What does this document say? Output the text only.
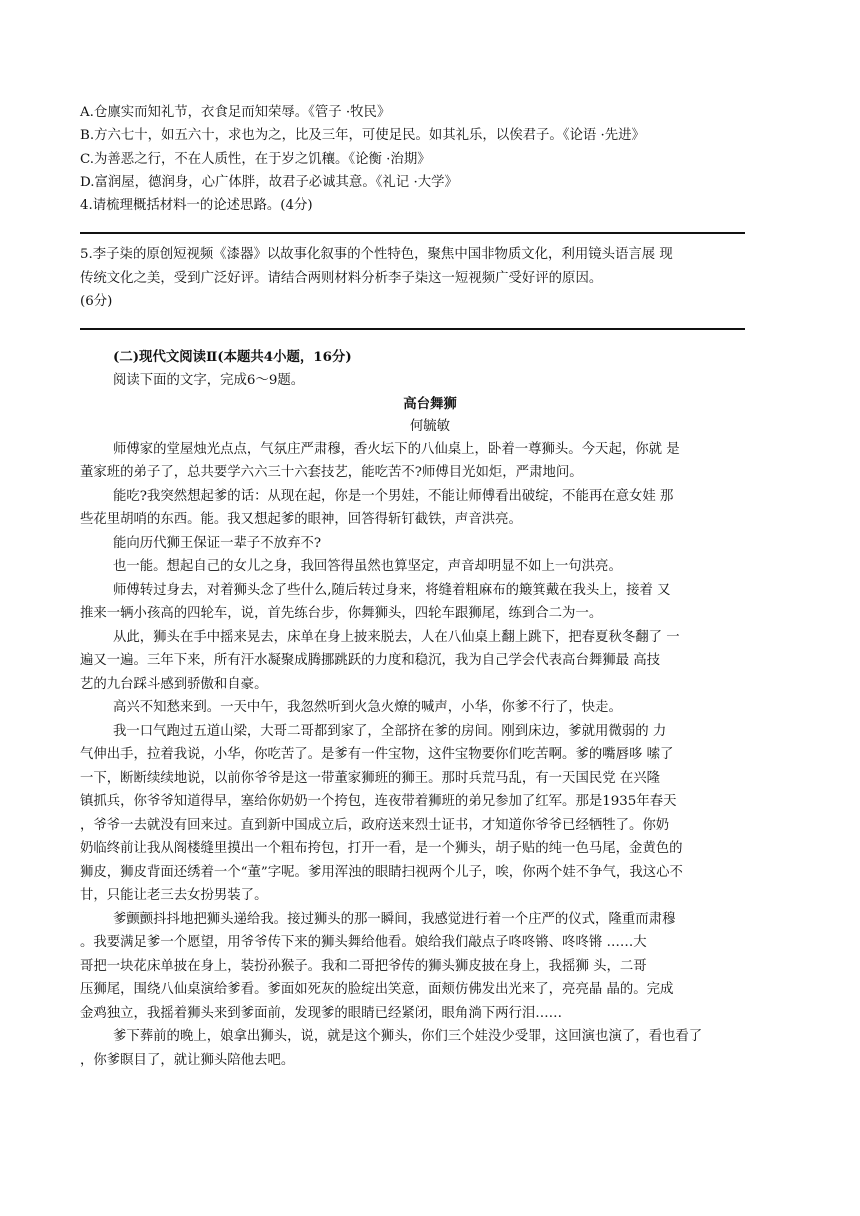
A.仓廪实而知礼节，衣食足而知荣辱。《管子 ·牧民》
B.方六七十，如五六十，求也为之，比及三年，可使足民。如其礼乐，以俟君子。《论语 ·先进》
C.为善恶之行，不在人质性，在于岁之饥穰。《论衡 ·治期》
D.富润屋，德润身，心广体胖，故君子必诚其意。《礼记 ·大学》
4.请梳理概括材料一的论述思路。(4分)
5.李子柒的原创短视频《漆器》以故事化叙事的个性特色，聚焦中国非物质文化，利用镜头语言展 现
传统文化之美，受到广泛好评。请结合两则材料分析李子柒这一短视频广受好评的原因。
(6分)
(二)现代文阅读Ⅱ(本题共4小题，16分)
阅读下面的文字，完成6～9题。
高台舞狮
何毓敏
师傅家的堂屋烛光点点，气氛庄严肃穆，香火坛下的八仙桌上，卧着一尊狮头。今天起，你就 是
董家班的弟子了，总共要学六六三十六套技艺，能吃苦不?师傅目光如炬，严肃地问。
能吃?我突然想起爹的话：从现在起，你是一个男娃，不能让师傅看出破绽，不能再在意女娃 那
些花里胡哨的东西。能。我又想起爹的眼神，回答得斩钉截铁，声音洪亮。
能向历代狮王保证一辈子不放弃不?
也一能。想起自己的女儿之身，我回答得虽然也算坚定，声音却明显不如上一句洪亮。
师傅转过身去，对着狮头念了些什么,随后转过身来，将缝着粗麻布的簸箕戴在我头上，接着 又
推来一辆小孩高的四轮车，说，首先练台步，你舞狮头，四轮车跟狮尾，练到合二为一。
从此，狮头在手中摇来晃去，床单在身上披来脱去，人在八仙桌上翻上跳下，把春夏秋冬翻了 一
遍又一遍。三年下来，所有汗水凝聚成腾挪跳跃的力度和稳沉，我为自己学会代表高台舞狮最 高技
艺的九台踩斗感到骄傲和自豪。
高兴不知愁来到。一天中午，我忽然听到火急火燎的喊声，小华，你爹不行了，快走。
我一口气跑过五道山梁，大哥二哥都到家了，全部挤在爹的房间。刚到床边，爹就用微弱的 力
气伸出手，拉着我说，小华，你吃苦了。是爹有一件宝物，这件宝物要你们吃苦啊。爹的嘴唇哆 嗦了
一下，断断续续地说，以前你爷爷是这一带董家狮班的狮王。那时兵荒马乱，有一天国民党 在兴隆
镇抓兵，你爷爷知道得早，塞给你奶奶一个挎包，连夜带着狮班的弟兄参加了红军。那是1935年春天
，爷爷一去就没有回来过。直到新中国成立后，政府送来烈士证书，才知道你爷爷已经牺牲了。你奶
奶临终前让我从阁楼缝里摸出一个粗布挎包，打开一看，是一个狮头，胡子贴的纯一色马尾，金黄色的
狮皮，狮皮背面还绣着一个“董”字呢。爹用浑浊的眼睛扫视两个儿子，唉，你两个娃不争气，我这心不
甘，只能让老三去女扮男装了。
爹颤颤抖抖地把狮头递给我。接过狮头的那一瞬间，我感觉进行着一个庄严的仪式，隆重而肃穆
。我要满足爹一个愿望，用爷爷传下来的狮头舞给他看。娘给我们敲点子咚咚锵、咚咚锵 ……大
哥把一块花床单披在身上，装扮孙猴子。我和二哥把爷传的狮头狮皮披在身上，我摇狮 头，二哥
压狮尾，围绕八仙桌演给爹看。爹面如死灰的脸绽出笑意，面颊仿佛发出光来了，亮亮晶 晶的。完成
金鸡独立，我摇着狮头来到爹面前，发现爹的眼睛已经紧闭，眼角淌下两行泪……
爹下葬前的晚上，娘拿出狮头，说，就是这个狮头，你们三个娃没少受罪，这回演也演了，看也看了
，你爹瞑目了，就让狮头陪他去吧。
